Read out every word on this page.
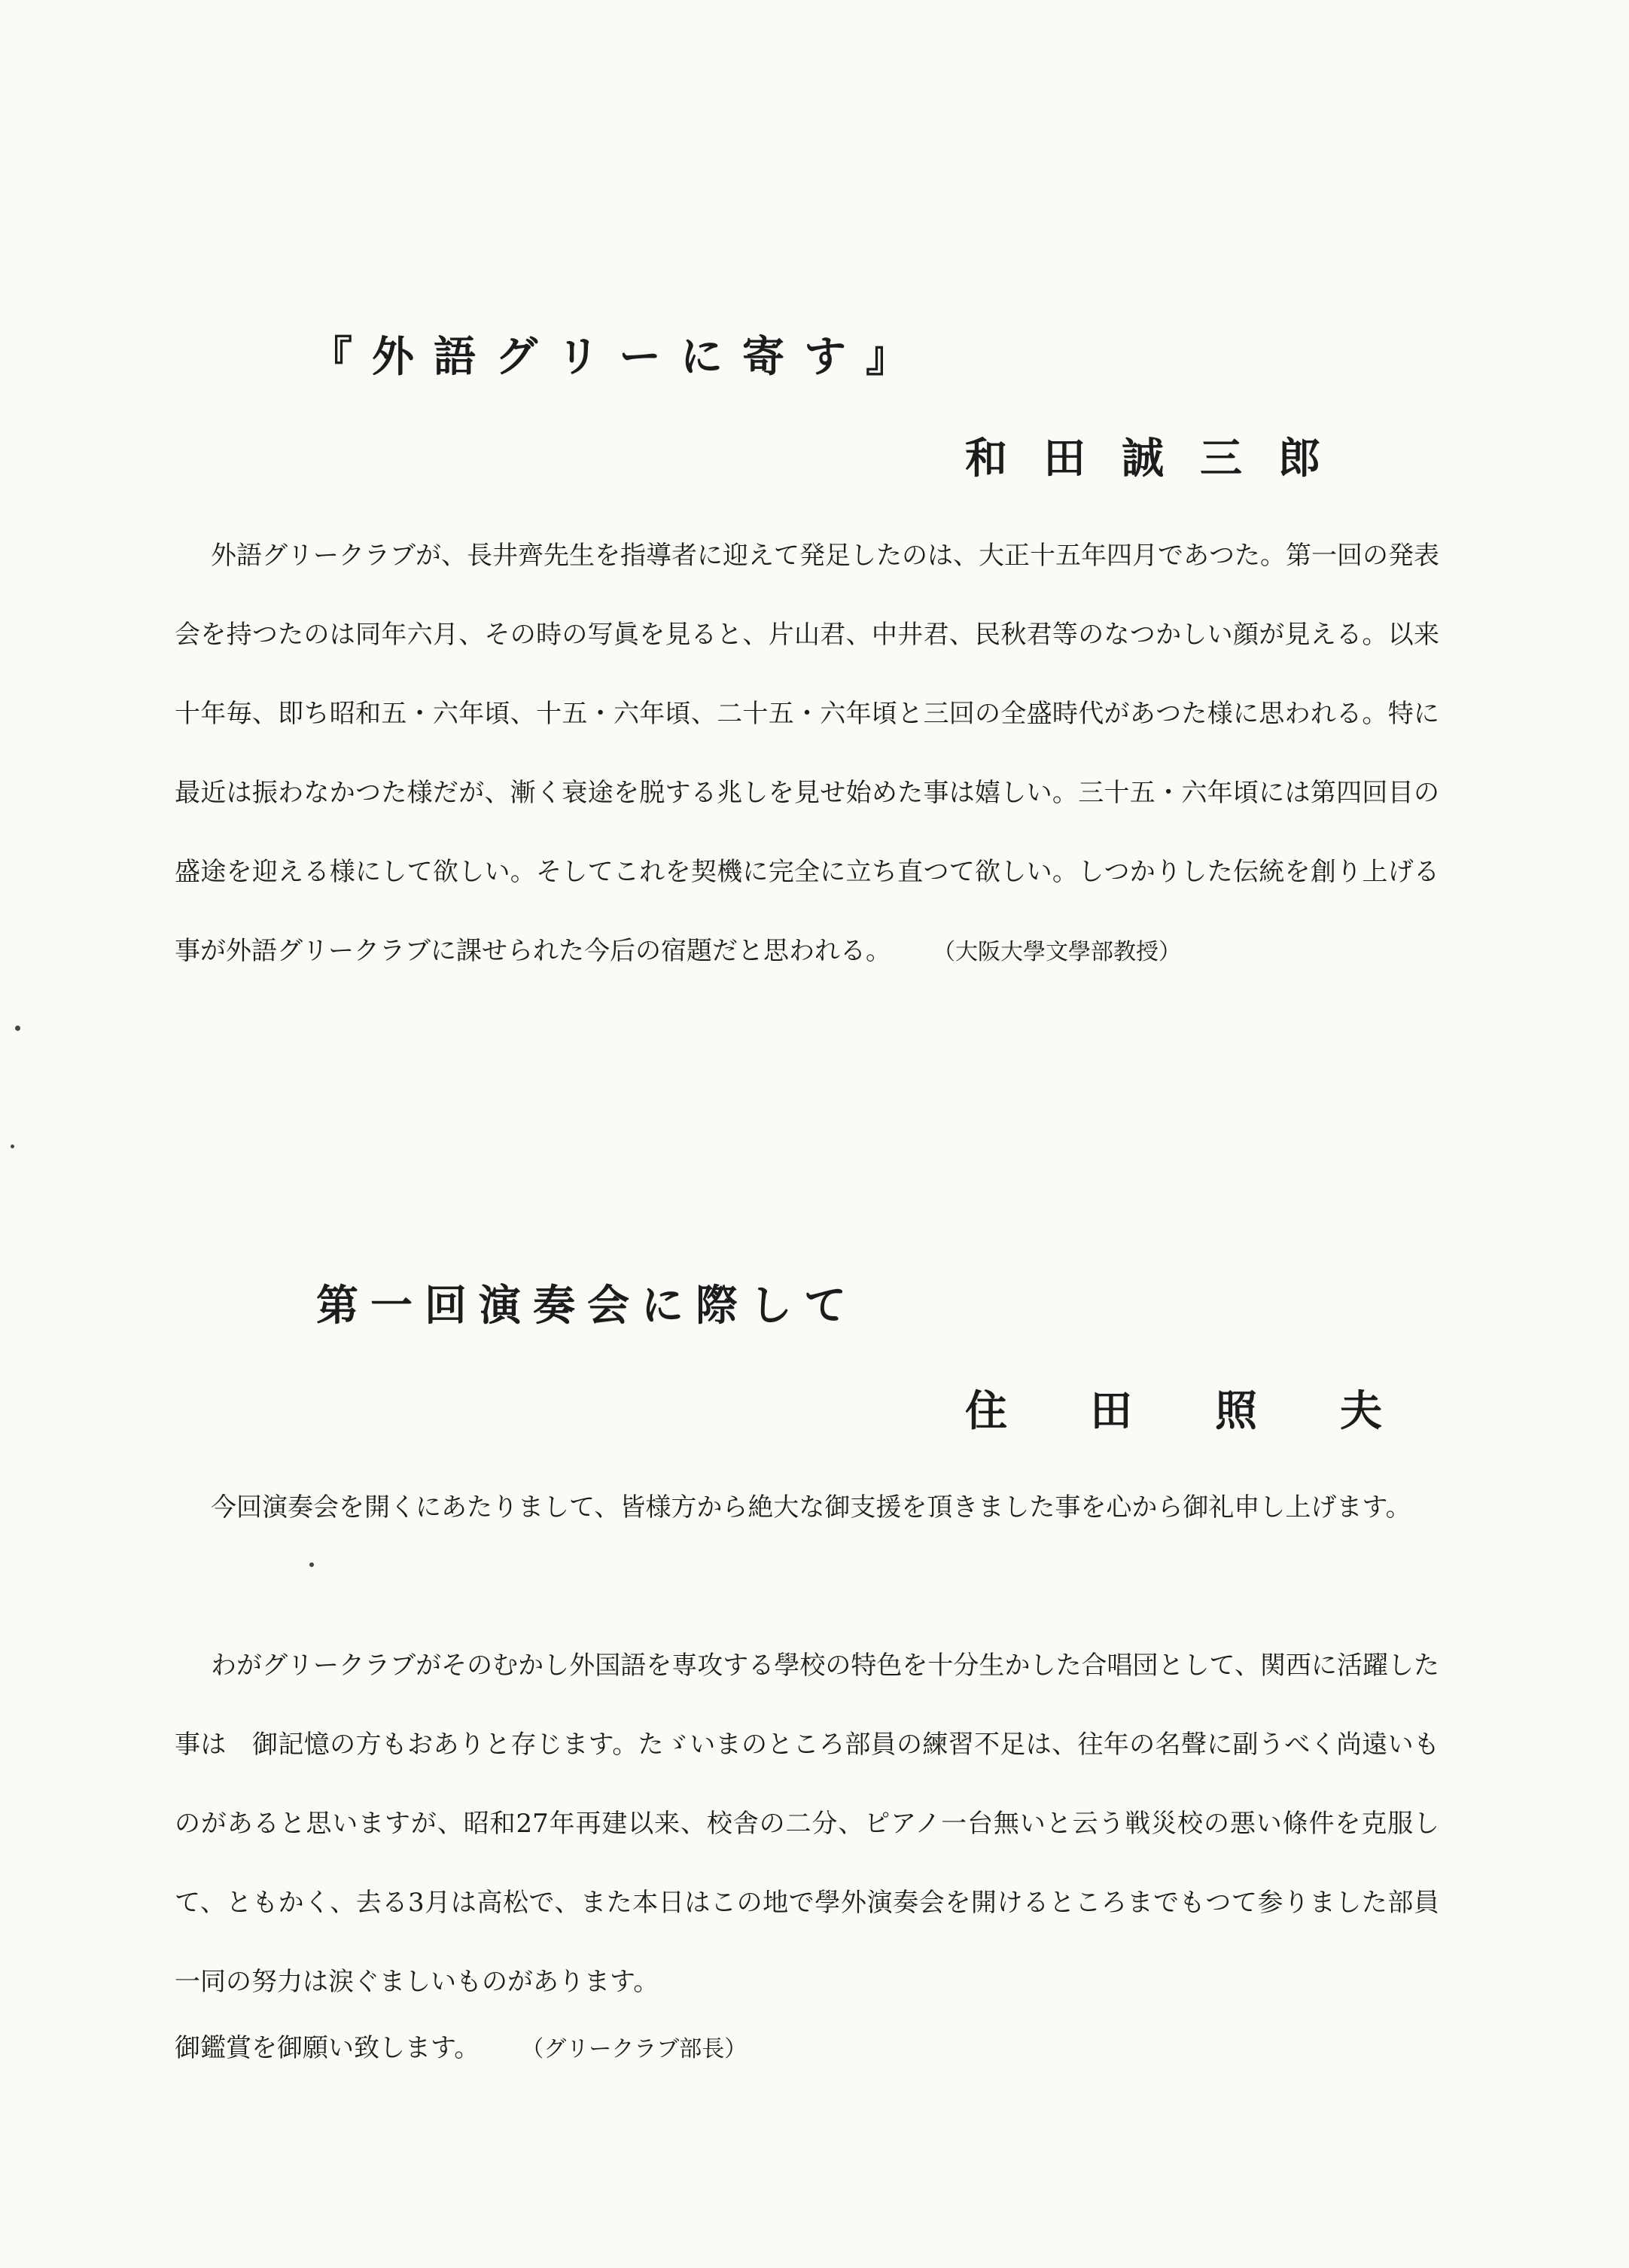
『外語グリーに寄す』
和田誠三郎
外語グリークラブが、長井齊先生を指導者に迎えて発足したのは、大正十五年四月であつた。第一回の発表会を持つたのは同年六月、その時の写眞を見ると、片山君、中井君、民秋君等のなつかしい顔が見える。以来十年毎、即ち昭和五・六年頃、十五・六年頃、二十五・六年頃と三回の全盛時代があつた様に思われる。特に最近は振わなかつた様だが、漸く衰途を脱する兆しを見せ始めた事は嬉しい。三十五・六年頃には第四回目の盛途を迎える様にして欲しい。そしてこれを契機に完全に立ち直つて欲しい。しつかりした伝統を創り上げる事が外語グリークラブに課せられた今后の宿題だと思われる。 （大阪大學文學部教授）
第一回演奏会に際して
住田照夫
今回演奏会を開くにあたりまして、皆様方から絶大な御支援を頂きました事を心から御礼申し上げます。
わがグリークラブがそのむかし外国語を専攻する學校の特色を十分生かした合唱団として、関西に活躍した事は　御記憶の方もおありと存じます。たゞいまのところ部員の練習不足は、往年の名聲に副うべく尚遠いものがあると思いますが、昭和27年再建以来、校舎の二分、ピアノ一台無いと云う戦災校の悪い條件を克服して、ともかく、去る3月は高松で、また本日はこの地で學外演奏会を開けるところまでもつて参りました部員一同の努力は涙ぐましいものがあります。
御鑑賞を御願い致します。 （グリークラブ部長）
